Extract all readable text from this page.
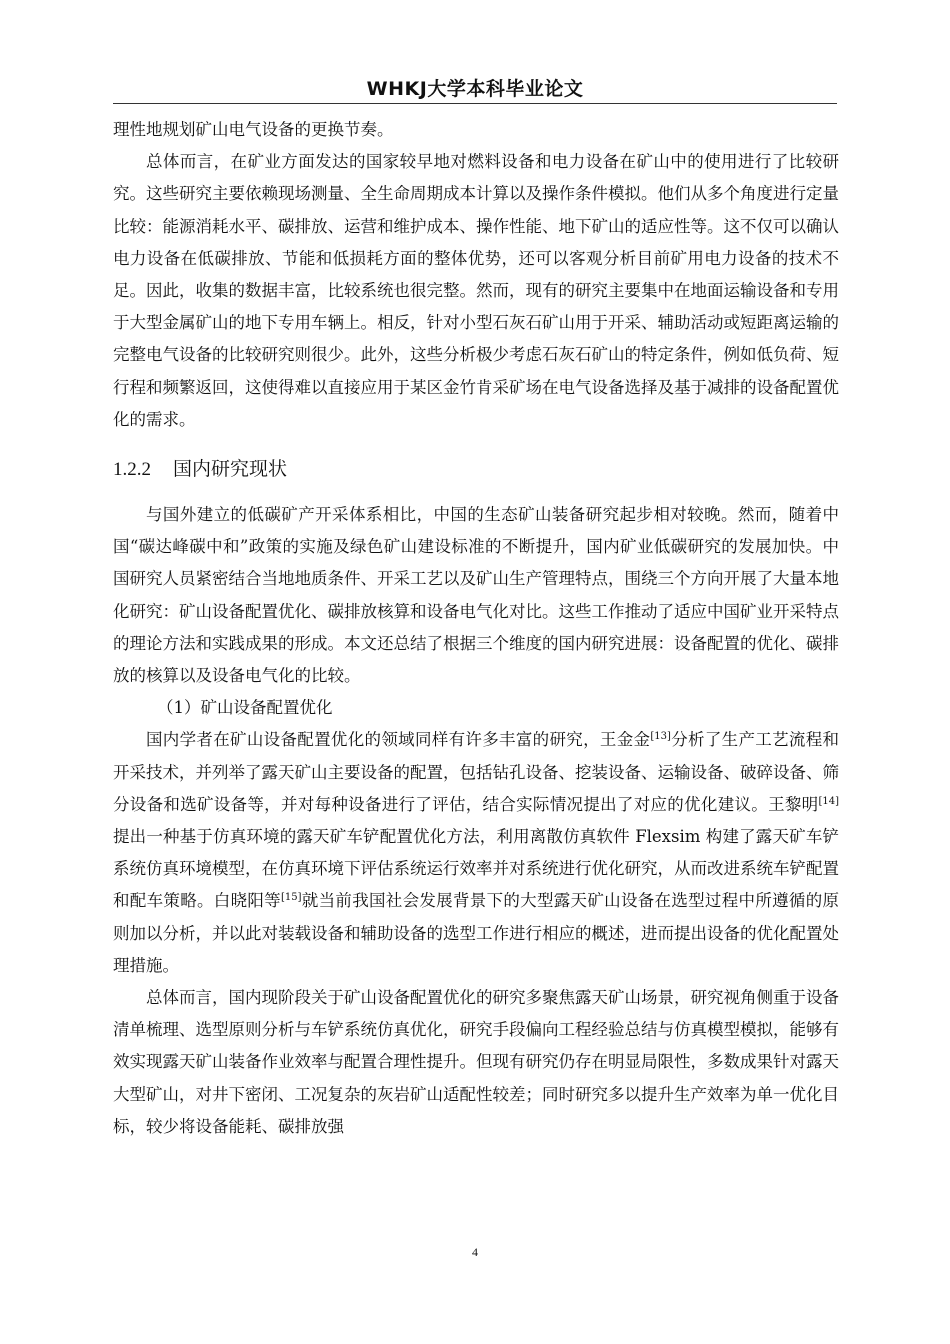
WHKJ大学本科毕业论文

理性地规划矿山电气设备的更换节奏。

总体而言，在矿业方面发达的国家较早地对燃料设备和电力设备在矿山中的使用进行了比较研究。这些研究主要依赖现场测量、全生命周期成本计算以及操作条件模拟。他们从多个角度进行定量比较：能源消耗水平、碳排放、运营和维护成本、操作性能、地下矿山的适应性等。这不仅可以确认电力设备在低碳排放、节能和低损耗方面的整体优势，还可以客观分析目前矿用电力设备的技术不足。因此，收集的数据丰富，比较系统也很完整。然而，现有的研究主要集中在地面运输设备和专用于大型金属矿山的地下专用车辆上。相反，针对小型石灰石矿山用于开采、辅助活动或短距离运输的完整电气设备的比较研究则很少。此外，这些分析极少考虑石灰石矿山的特定条件，例如低负荷、短行程和频繁返回，这使得难以直接应用于某区金竹肯采矿场在电气设备选择及基于减排的设备配置优化的需求。

1.2.2 国内研究现状

与国外建立的低碳矿产开采体系相比，中国的生态矿山装备研究起步相对较晚。然而，随着中国“碳达峰碳中和”政策的实施及绿色矿山建设标准的不断提升，国内矿业低碳研究的发展加快。中国研究人员紧密结合当地地质条件、开采工艺以及矿山生产管理特点，围绕三个方向开展了大量本地化研究：矿山设备配置优化、碳排放核算和设备电气化对比。这些工作推动了适应中国矿业开采特点的理论方法和实践成果的形成。本文还总结了根据三个维度的国内研究进展：设备配置的优化、碳排放的核算以及设备电气化的比较。

（1）矿山设备配置优化

国内学者在矿山设备配置优化的领域同样有许多丰富的研究，王金金[13]分析了生产工艺流程和开采技术，并列举了露天矿山主要设备的配置，包括钻孔设备、挖装设备、运输设备、破碎设备、筛分设备和选矿设备等，并对每种设备进行了评估，结合实际情况提出了对应的优化建议。王黎明[14]提出一种基于仿真环境的露天矿车铲配置优化方法，利用离散仿真软件 Flexsim 构建了露天矿车铲系统仿真环境模型，在仿真环境下评估系统运行效率并对系统进行优化研究，从而改进系统车铲配置和配车策略。白晓阳等[15]就当前我国社会发展背景下的大型露天矿山设备在选型过程中所遵循的原则加以分析，并以此对装载设备和辅助设备的选型工作进行相应的概述，进而提出设备的优化配置处理措施。

总体而言，国内现阶段关于矿山设备配置优化的研究多聚焦露天矿山场景，研究视角侧重于设备清单梳理、选型原则分析与车铲系统仿真优化，研究手段偏向工程经验总结与仿真模型模拟，能够有效实现露天矿山装备作业效率与配置合理性提升。但现有研究仍存在明显局限性，多数成果针对露天大型矿山，对井下密闭、工况复杂的灰岩矿山适配性较差；同时研究多以提升生产效率为单一优化目标，较少将设备能耗、碳排放强

4
